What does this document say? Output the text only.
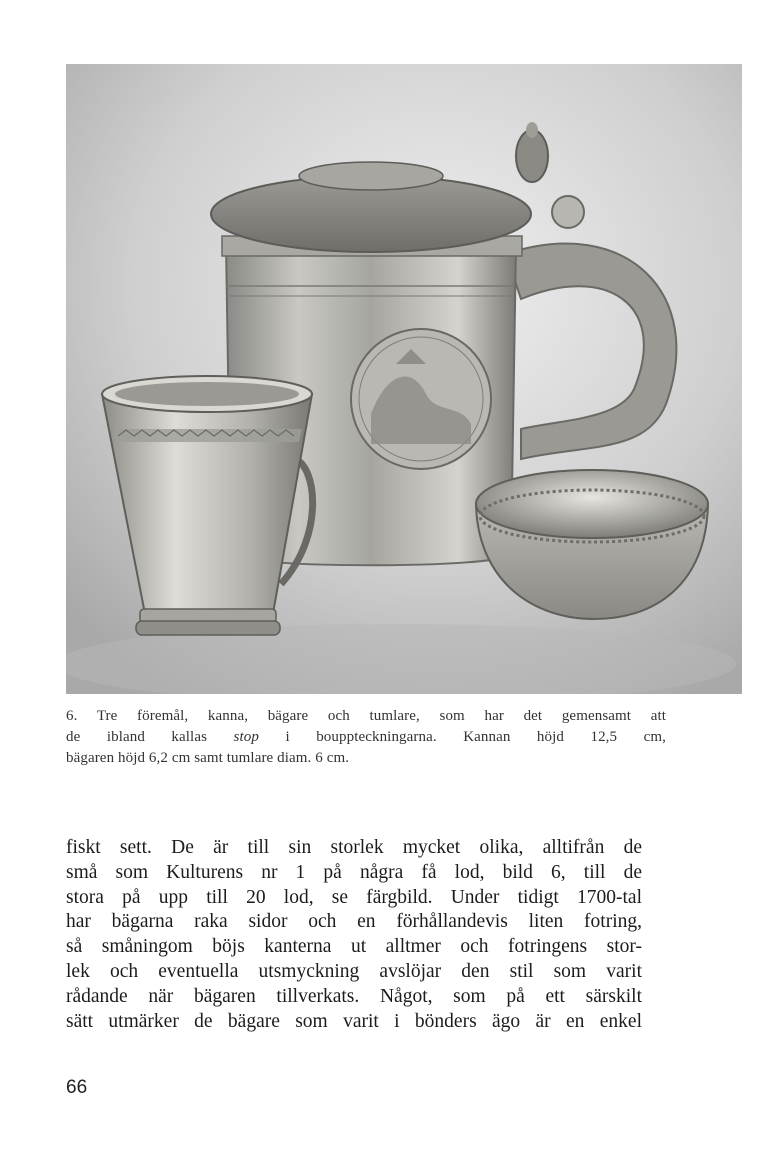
6. Tre föremål, kanna, bägare och tumlare, som har det gemensamt att
de ibland kallas stop i bouppteckningarna. Kannan höjd 12,5 cm,
bägaren höjd 6,2 cm samt tumlare diam. 6 cm.
fiskt sett. De är till sin storlek mycket olika, alltifrån de
små som Kulturens nr 1 på några få lod, bild 6, till de
stora på upp till 20 lod, se färgbild. Under tidigt 1700-tal
har bägarna raka sidor och en förhållandevis liten fotring,
så småningom böjs kanterna ut alltmer och fotringens stor-
lek och eventuella utsmyckning avslöjar den stil som varit
rådande när bägaren tillverkats. Något, som på ett särskilt
sätt utmärker de bägare som varit i bönders ägo är en enkel
66
